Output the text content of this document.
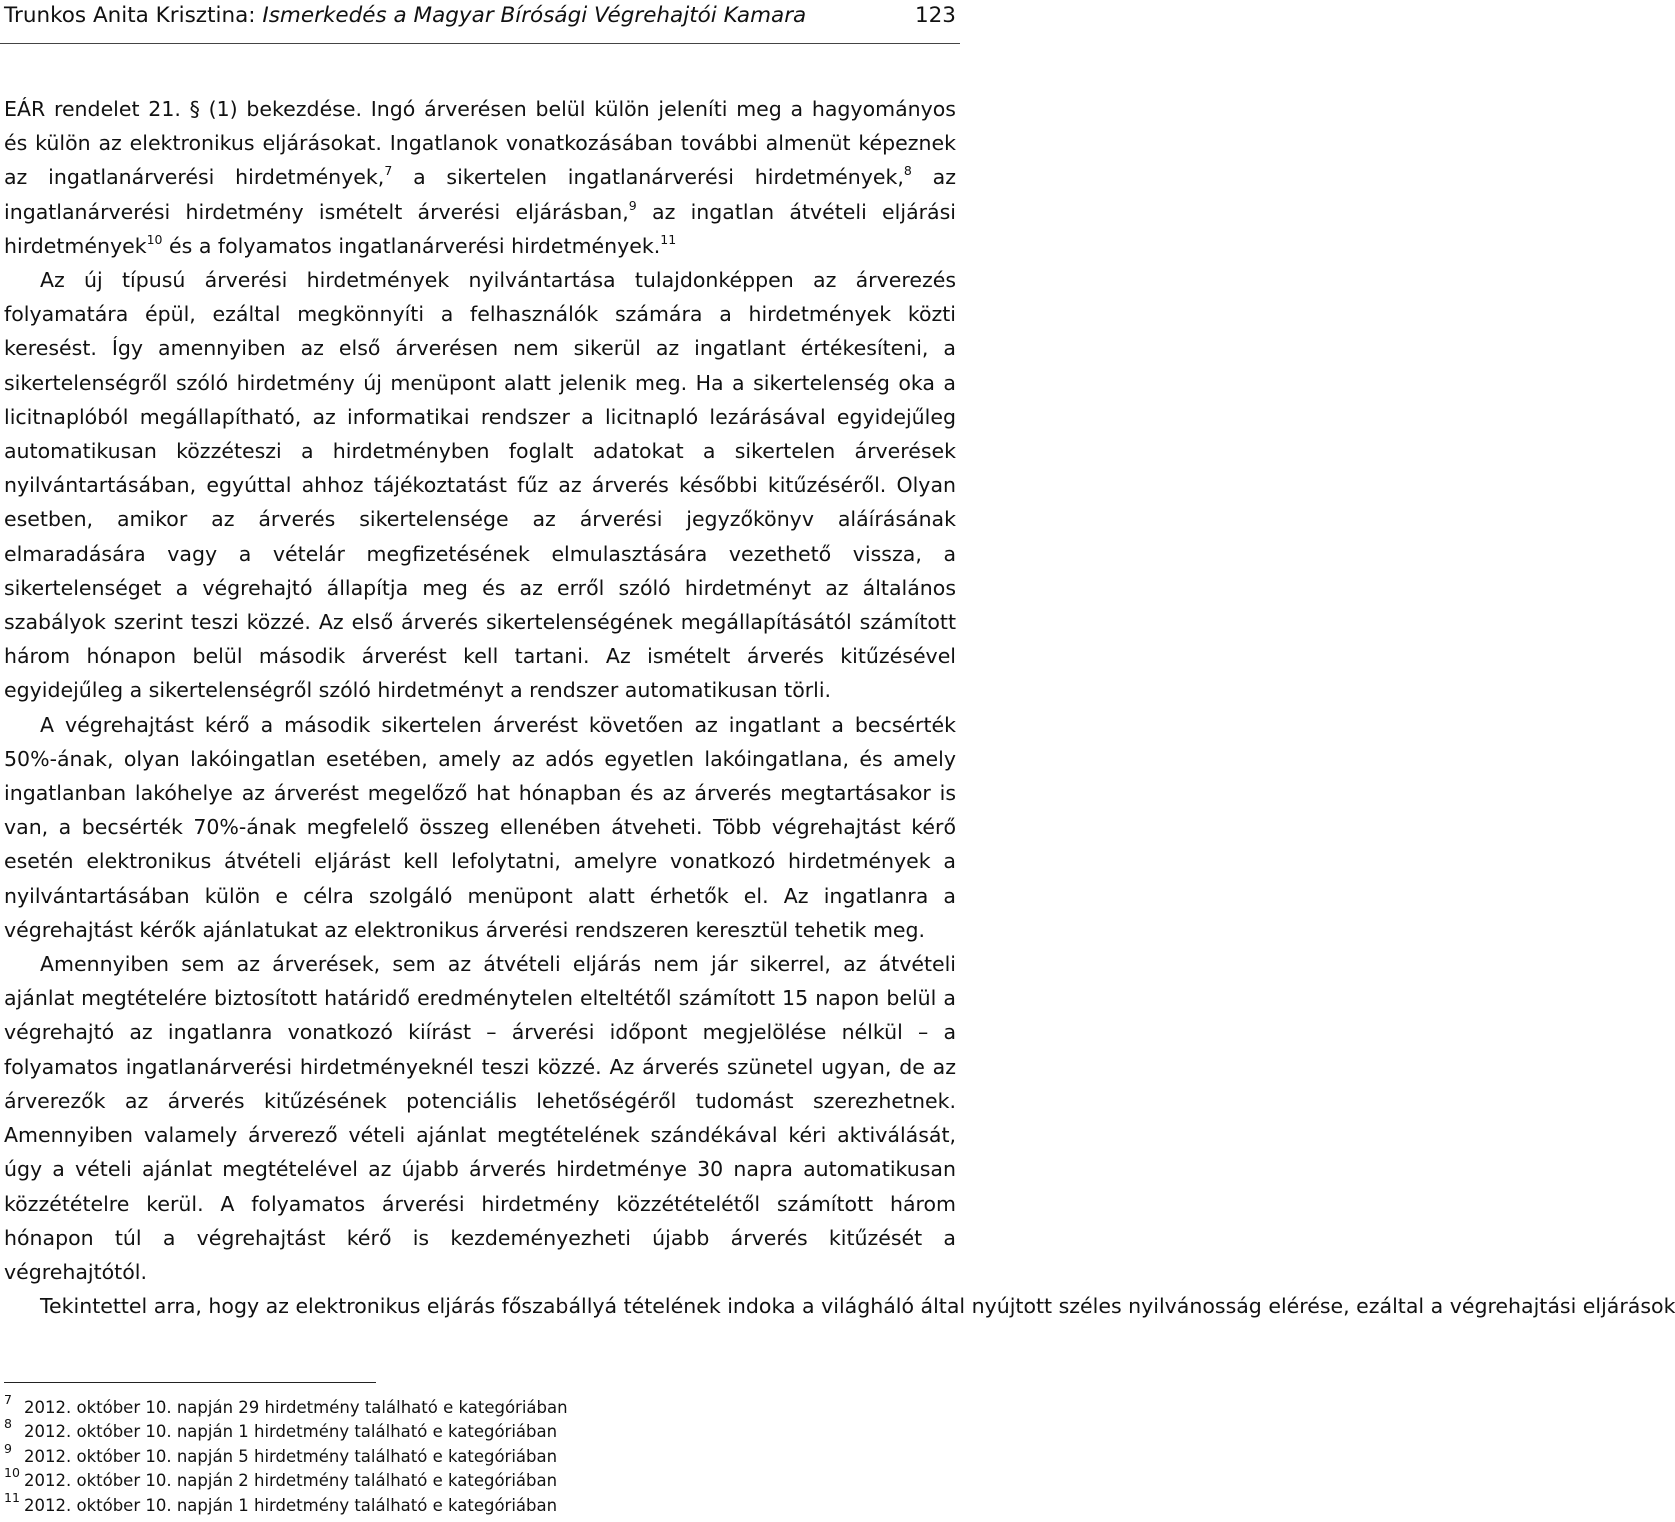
Trunkos Anita Krisztina: Ismerkedés a Magyar Bírósági Végrehajtói Kamara	123

EÁR rendelet 21. § (1) bekezdése. Ingó árverésen belül külön jeleníti meg a hagyományos és külön az elektronikus eljárásokat. Ingatlanok vonatkozásában további almenüt képeznek az ingatlanárverési hirdetmények,$^7$ a sikertelen ingatlanárverési hirdetmények,$^8$ az ingatlanárverési hirdetmény ismételt árverési eljárásban,$^9$ az ingatlan átvételi eljárási hirdetmények$^{10}$ és a folyamatos ingatlanárverési hirdetmények.$^{11}$

Az új típusú árverési hirdetmények nyilvántartása tulajdonképpen az árverezés folyamatára épül, ezáltal megkönnyíti a felhasználók számára a hirdetmények közti keresést. Így amennyiben az első árverésen nem sikerül az ingatlant értékesíteni, a sikertelenségről szóló hirdetmény új menüpont alatt jelenik meg. Ha a sikertelenség oka a licitnaplóból megállapítható, az informatikai rendszer a licitnapló lezárásával egyidejűleg automatikusan közzéteszi a hirdetményben foglalt adatokat a sikertelen árverések nyilvántartásában, egyúttal ahhoz tájékoztatást fűz az árverés későbbi kitűzéséről. Olyan esetben, amikor az árverés sikertelensége az árverési jegyzőkönyv aláírásának elmaradására vagy a vételár megfizetésének elmulasztására vezethető vissza, a sikertelenséget a végrehajtó állapítja meg és az erről szóló hirdetményt az általános szabályok szerint teszi közzé. Az első árverés sikertelenségének megállapításától számított három hónapon belül második árverést kell tartani. Az ismételt árverés kitűzésével egyidejűleg a sikertelenségről szóló hirdetményt a rendszer automatikusan törli.

A végrehajtást kérő a második sikertelen árverést követően az ingatlant a becsérték 50%-ának, olyan lakóingatlan esetében, amely az adós egyetlen lakóingatlana, és amely ingatlanban lakóhelye az árverést megelőző hat hónapban és az árverés megtartásakor is van, a becsérték 70%-ának megfelelő összeg ellenében átveheti. Több végrehajtást kérő esetén elektronikus átvételi eljárást kell lefolytatni, amelyre vonatkozó hirdetmények a nyilvántartásában külön e célra szolgáló menüpont alatt érhetők el. Az ingatlanra a végrehajtást kérők ajánlatukat az elektronikus árverési rendszeren keresztül tehetik meg.

Amennyiben sem az árverések, sem az átvételi eljárás nem jár sikerrel, az átvételi ajánlat megtételére biztosított határidő eredménytelen elteltétől számított 15 napon belül a végrehajtó az ingatlanra vonatkozó kiírást – árverési időpont megjelölése nélkül – a folyamatos ingatlanárverési hirdetményeknél teszi közzé. Az árverés szünetel ugyan, de az árverezők az árverés kitűzésének potenciális lehetőségéről tudomást szerezhetnek. Amennyiben valamely árverező vételi ajánlat megtételének szándékával kéri aktiválását, úgy a vételi ajánlat megtételével az újabb árverés hirdetménye 30 napra automatikusan közzétételre kerül. A folyamatos árverési hirdetmény közzétételétől számított három hónapon túl a végrehajtást kérő is kezdeményezheti újabb árverés kitűzését a végrehajtótól.

Tekintettel arra, hogy az elektronikus eljárás főszabállyá tételének indoka a világháló által nyújtott széles nyilvánosság elérése, ezáltal a végrehajtási eljárások

7 2012. október 10. napján 29 hirdetmény található e kategóriában
8 2012. október 10. napján 1 hirdetmény található e kategóriában
9 2012. október 10. napján 5 hirdetmény található e kategóriában
10 2012. október 10. napján 2 hirdetmény található e kategóriában
11 2012. október 10. napján 1 hirdetmény található e kategóriában
